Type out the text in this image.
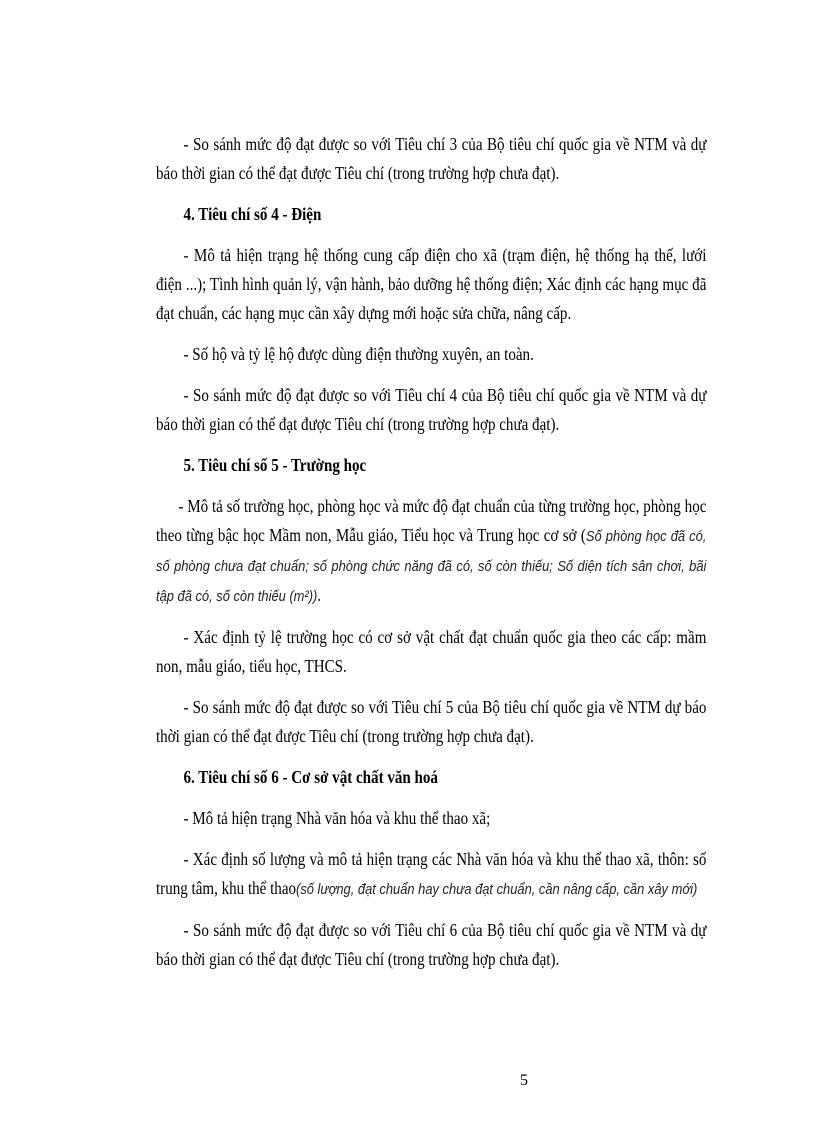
- So sánh mức độ đạt được so với Tiêu chí 3 của Bộ tiêu chí quốc gia về NTM và dự báo thời gian có thể đạt được Tiêu chí (trong trường hợp chưa đạt).

4. Tiêu chí số 4 - Điện

- Mô tả hiện trạng hệ thống cung cấp điện cho xã (trạm điện, hệ thống hạ thế, lưới điện ...); Tình hình quản lý, vận hành, bảo dưỡng hệ thống điện; Xác định các hạng mục đã đạt chuẩn, các hạng mục cần xây dựng mới hoặc sửa chữa, nâng cấp.

- Số hộ và tỷ lệ hộ được dùng điện thường xuyên, an toàn.

- So sánh mức độ đạt được so với Tiêu chí 4 của Bộ tiêu chí quốc gia về NTM và dự báo thời gian có thể đạt được Tiêu chí (trong trường hợp chưa đạt).

5. Tiêu chí số 5 - Trường học

- Mô tả số trường học, phòng học và mức độ đạt chuẩn của từng trường học, phòng học theo từng bậc học Mầm non, Mẫu giáo, Tiểu học và Trung học cơ sở (Số phòng học đã có, số phòng chưa đạt chuẩn; số phòng chức năng đã có, số còn thiếu; Số diện tích sân chơi, bãi tập đã có, số còn thiếu (m²)).

- Xác định tỷ lệ trường học có cơ sở vật chất đạt chuẩn quốc gia theo các cấp: mầm non, mẫu giáo, tiểu học, THCS.

- So sánh mức độ đạt được so với Tiêu chí 5 của Bộ tiêu chí quốc gia về NTM dự báo thời gian có thể đạt được Tiêu chí (trong trường hợp chưa đạt).

6. Tiêu chí số 6 - Cơ sở vật chất văn hoá

- Mô tả hiện trạng Nhà văn hóa và khu thể thao xã;

- Xác định số lượng và mô tả hiện trạng các Nhà văn hóa và khu thể thao xã, thôn: số trung tâm, khu thể thao(số lượng, đạt chuẩn hay chưa đạt chuẩn, cần nâng cấp, cần xây mới)

- So sánh mức độ đạt được so với Tiêu chí 6 của Bộ tiêu chí quốc gia về NTM và dự báo thời gian có thể đạt được Tiêu chí (trong trường hợp chưa đạt).

5
